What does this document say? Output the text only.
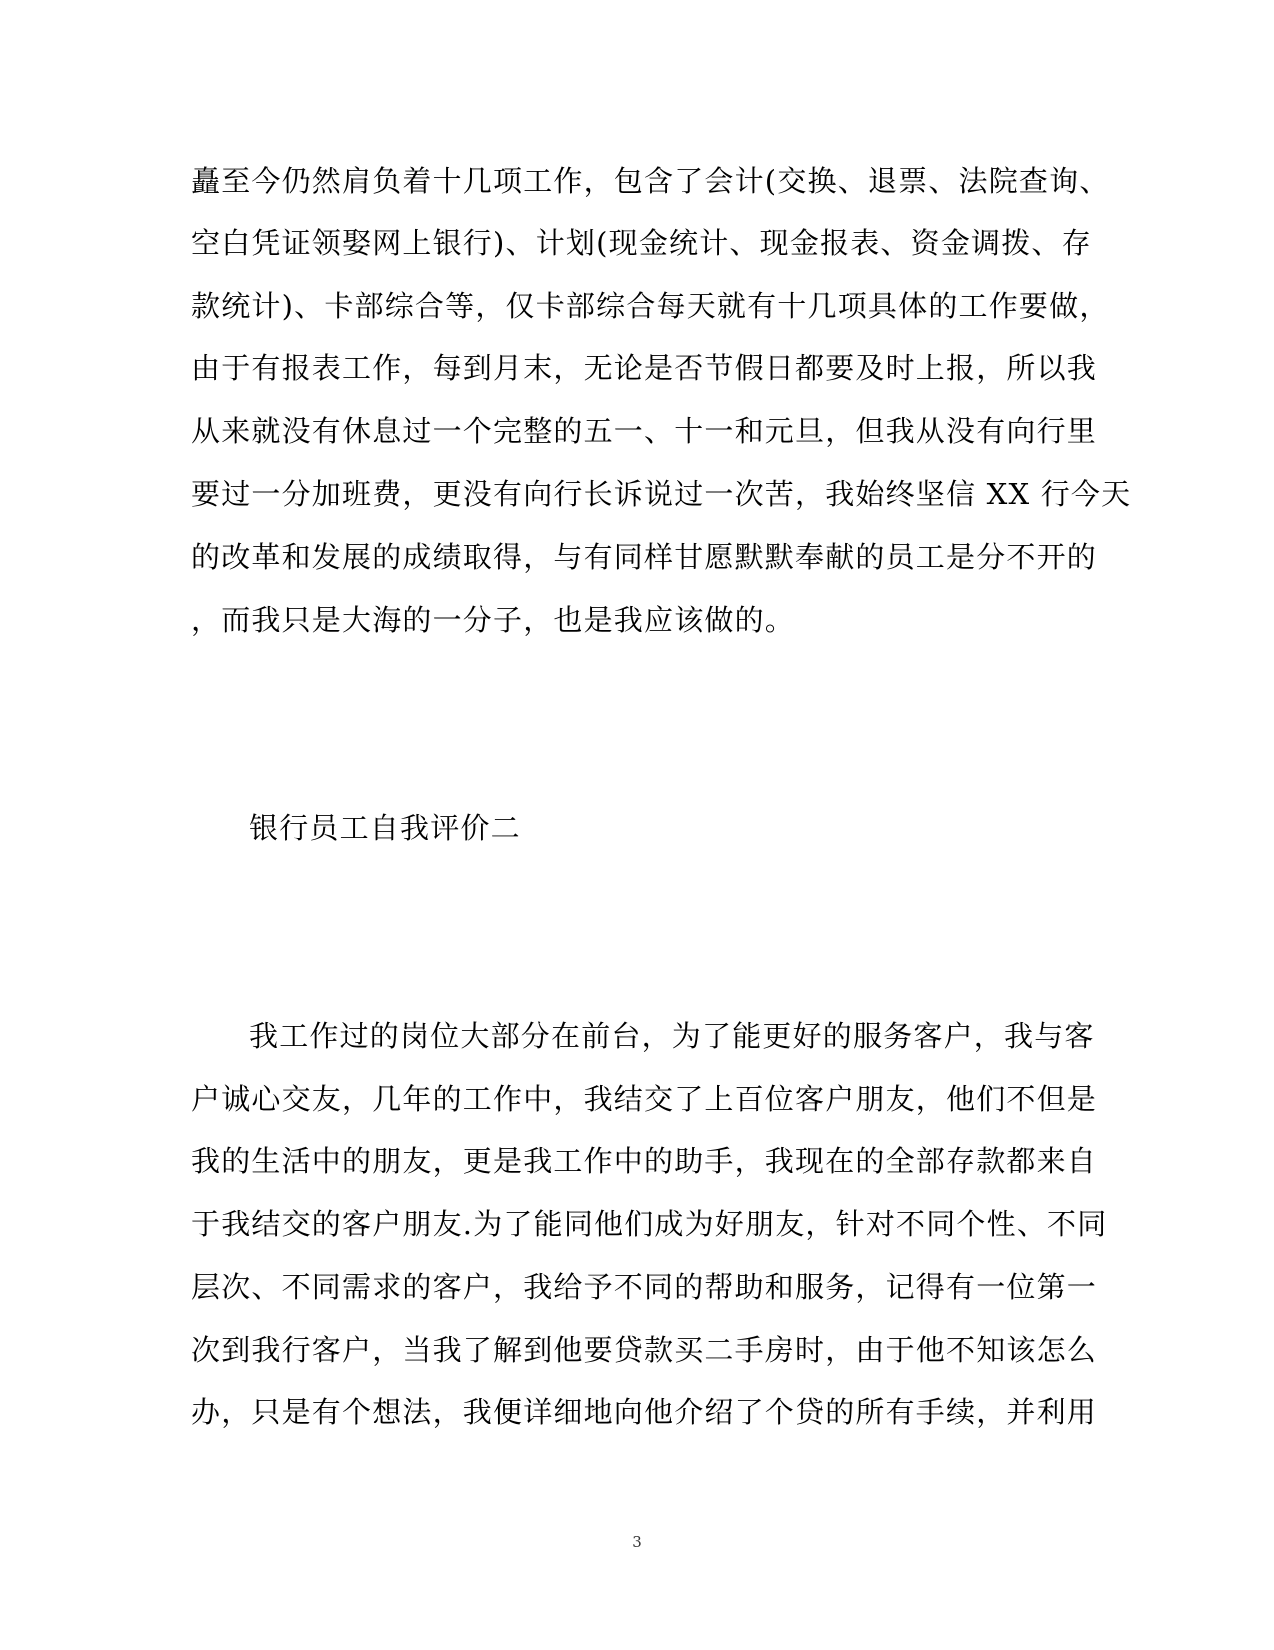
矗至今仍然肩负着十几项工作，包含了会计(交换、退票、法院查询、
空白凭证领娶网上银行)、计划(现金统计、现金报表、资金调拨、存
款统计)、卡部综合等，仅卡部综合每天就有十几项具体的工作要做，
由于有报表工作，每到月末，无论是否节假日都要及时上报，所以我
从来就没有休息过一个完整的五一、十一和元旦，但我从没有向行里
要过一分加班费，更没有向行长诉说过一次苦，我始终坚信 XX 行今天
的改革和发展的成绩取得，与有同样甘愿默默奉献的员工是分不开的
，而我只是大海的一分子，也是我应该做的。
银行员工自我评价二
我工作过的岗位大部分在前台，为了能更好的服务客户，我与客
户诚心交友，几年的工作中，我结交了上百位客户朋友，他们不但是
我的生活中的朋友，更是我工作中的助手，我现在的全部存款都来自
于我结交的客户朋友.为了能同他们成为好朋友，针对不同个性、不同
层次、不同需求的客户，我给予不同的帮助和服务，记得有一位第一
次到我行客户，当我了解到他要贷款买二手房时，由于他不知该怎么
办，只是有个想法，我便详细地向他介绍了个贷的所有手续，并利用
3
